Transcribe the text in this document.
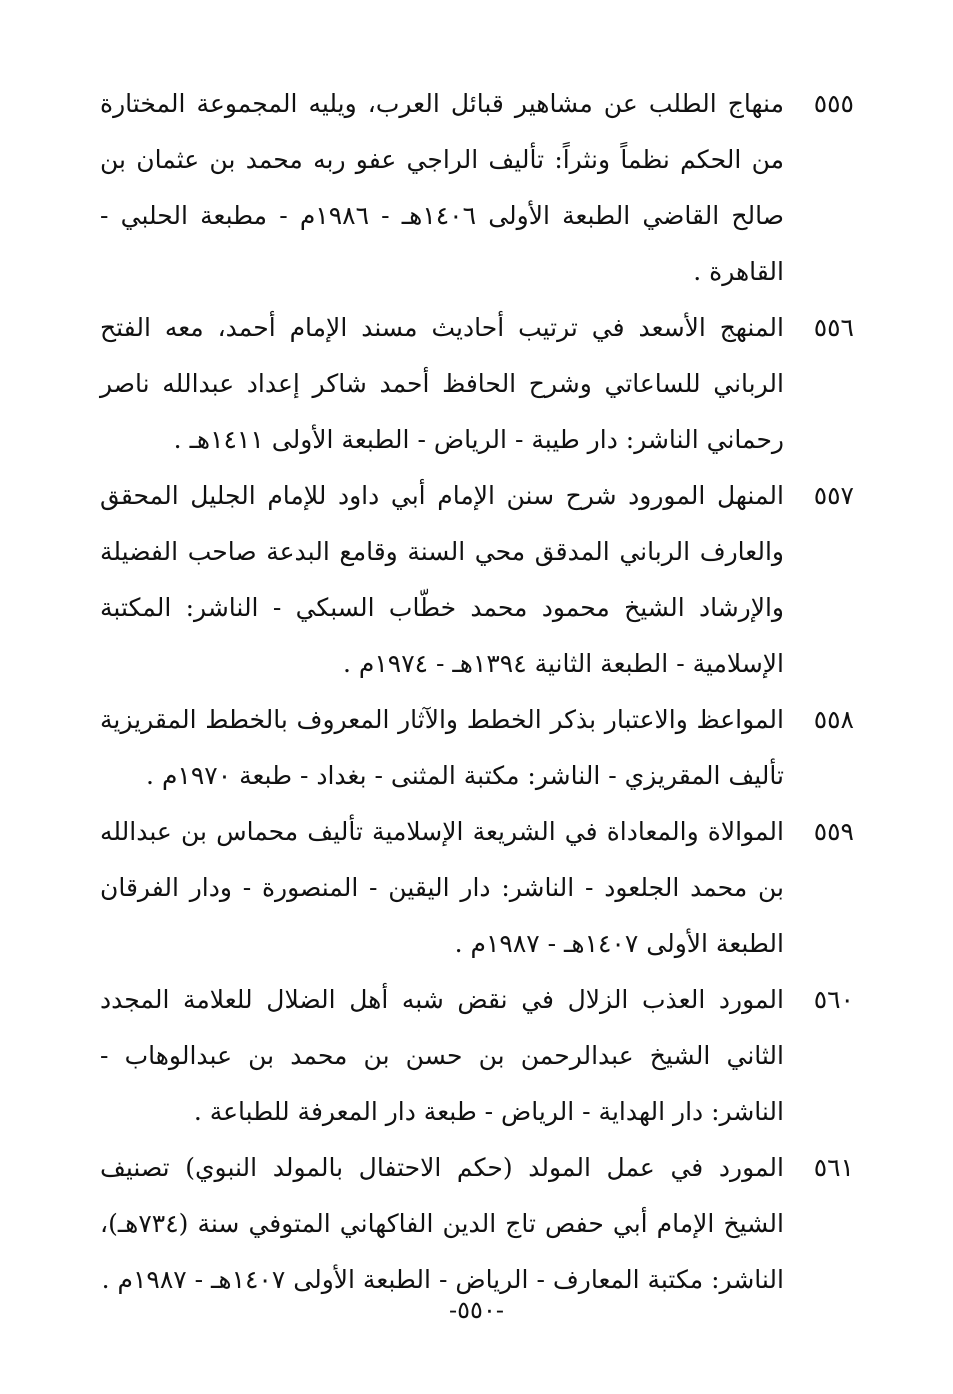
٥٥٥
منهاج الطلب عن مشاهير قبائل العرب، ويليه المجموعة المختارة من الحكم نظماً ونثراً: تأليف الراجي عفو ربه محمد بن عثمان بن صالح القاضي الطبعة الأولى ١٤٠٦هـ - ١٩٨٦م - مطبعة الحلبي - القاهرة .
٥٥٦
المنهج الأسعد في ترتيب أحاديث مسند الإمام أحمد، معه الفتح الرباني للساعاتي وشرح الحافظ أحمد شاكر إعداد عبدالله ناصر رحماني الناشر: دار طيبة - الرياض - الطبعة الأولى ١٤١١هـ .
٥٥٧
المنهل المورود شرح سنن الإمام أبي داود للإمام الجليل المحقق والعارف الرباني المدقق محي السنة وقامع البدعة صاحب الفضيلة والإرشاد الشيخ محمود محمد خطّاب السبكي - الناشر: المكتبة الإسلامية - الطبعة الثانية ١٣٩٤هـ - ١٩٧٤م .
٥٥٨
المواعظ والاعتبار بذكر الخطط والآثار المعروف بالخطط المقريزية تأليف المقريزي - الناشر: مكتبة المثنى - بغداد - طبعة ١٩٧٠م .
٥٥٩
الموالاة والمعاداة في الشريعة الإسلامية تأليف محماس بن عبدالله بن محمد الجلعود - الناشر: دار اليقين - المنصورة - ودار الفرقان الطبعة الأولى ١٤٠٧هـ - ١٩٨٧م .
٥٦٠
المورد العذب الزلال في نقض شبه أهل الضلال للعلامة المجدد الثاني الشيخ عبدالرحمن بن حسن بن محمد بن عبدالوهاب - الناشر: دار الهداية - الرياض - طبعة دار المعرفة للطباعة .
٥٦١
المورد في عمل المولد (حكم الاحتفال بالمولد النبوي) تصنيف الشيخ الإمام أبي حفص تاج الدين الفاكهاني المتوفي سنة (٧٣٤هـ)، الناشر: مكتبة المعارف - الرياض - الطبعة الأولى ١٤٠٧هـ - ١٩٨٧م .
-٥٥٠-
